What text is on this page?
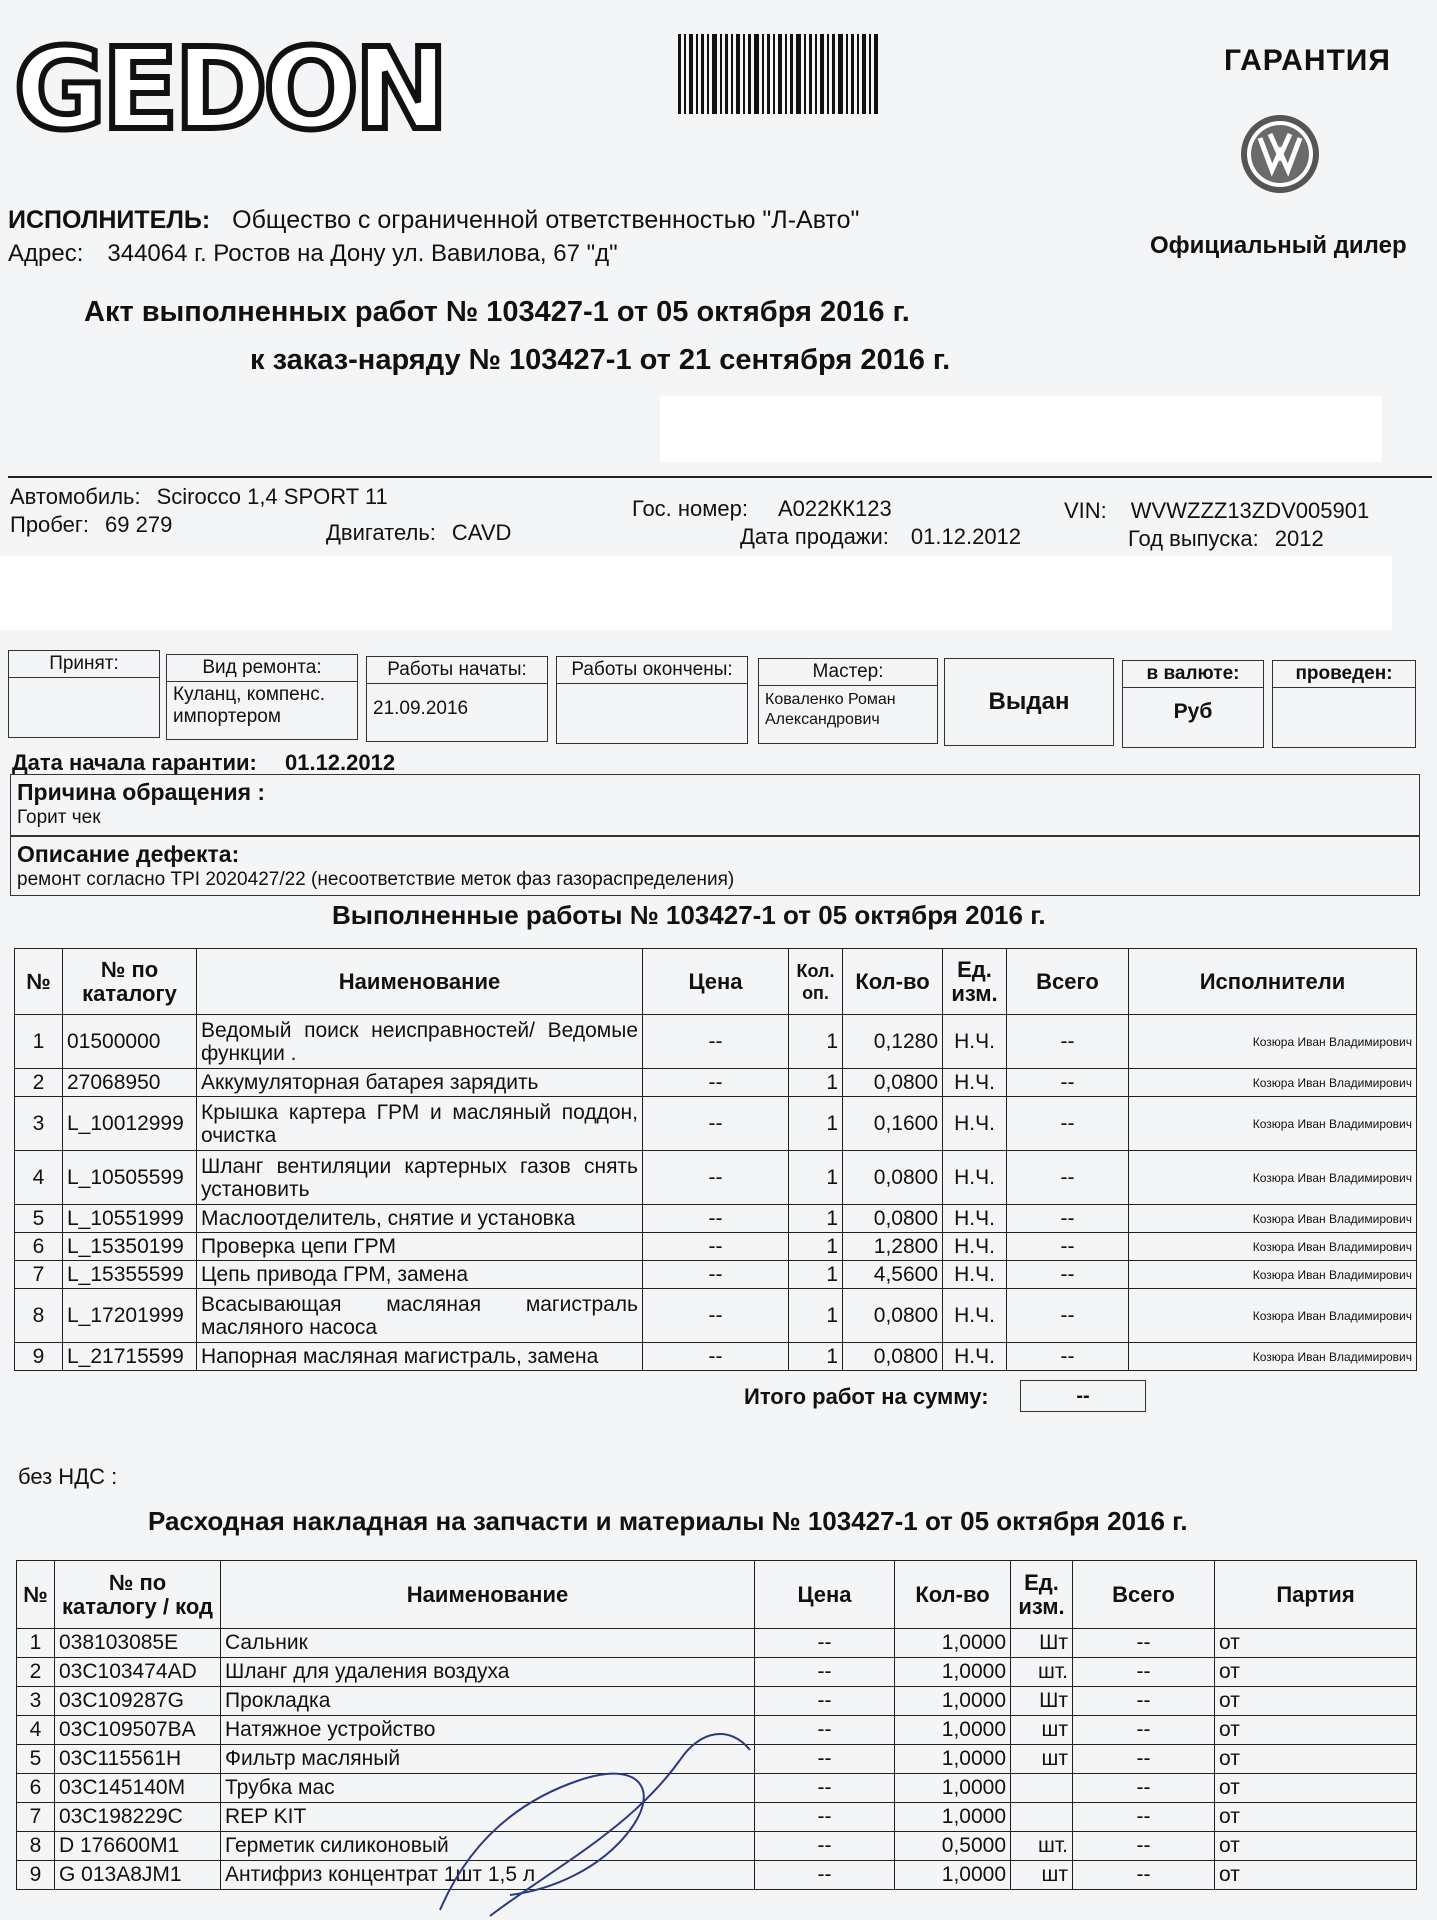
GEDON	ГАРАНТИЯ
Официальный дилер
ИСПОЛНИТЕЛЬ: Общество с ограниченной ответственностью "Л-Авто"
Адрес: 344064 г. Ростов на Дону ул. Вавилова, 67 "д"
Акт выполненных работ № 103427-1 от 05 октября 2016 г.
к заказ-наряду № 103427-1 от 21 сентября 2016 г.
Автомобиль: Scirocco 1,4 SPORT 11
Пробег: 69 279
Гос. номер: А022КК123
Двигатель: CAVD
VIN: WVWZZZ13ZDV005901
Дата продажи: 01.12.2012	Год выпуска: 2012
Принят:	Вид ремонта:
Куланц, компенс. импортером
Работы начаты:
21.09.2016
Работы окончены:	Мастер:
Коваленко Роман Александрович
Выдан
в валюте:
Руб
проведен:
Дата начала гарантии: 01.12.2012
Причина обращения :
Горит чек
Описание дефекта:
ремонт согласно TPI 2020427/22 (несоответствие меток фаз газораспределения)
Выполненные работы № 103427-1 от 05 октября 2016 г.
№	№ по каталогу	Наименование	Цена	Кол. оп.	Кол-во	Ед. изм.	Всего	Исполнители
1	01500000	Ведомый поиск неисправностей/ Ведомые функции .	--	1	0,1280	Н.Ч.	--	Козюра Иван Владимирович
2	27068950	Аккумуляторная батарея зарядить	--	1	0,0800	Н.Ч.	--	Козюра Иван Владимирович
3	L_10012999	Крышка картера ГРМ и масляный поддон, очистка	--	1	0,1600	Н.Ч.	--	Козюра Иван Владимирович
4	L_10505599	Шланг вентиляции картерных газов снять установить	--	1	0,0800	Н.Ч.	--	Козюра Иван Владимирович
5	L_10551999	Маслоотделитель, снятие и установка	--	1	0,0800	Н.Ч.	--	Козюра Иван Владимирович
6	L_15350199	Проверка цепи ГРМ	--	1	1,2800	Н.Ч.	--	Козюра Иван Владимирович
7	L_15355599	Цепь привода ГРМ, замена	--	1	4,5600	Н.Ч.	--	Козюра Иван Владимирович
8	L_17201999	Всасывающая масляная магистраль масляного насоса	--	1	0,0800	Н.Ч.	--	Козюра Иван Владимирович
9	L_21715599	Напорная масляная магистраль, замена	--	1	0,0800	Н.Ч.	--	Козюра Иван Владимирович
Итого работ на сумму:	--
без НДС :
Расходная накладная на запчасти и материалы № 103427-1 от 05 октября 2016 г.
№	№ по каталогу / код	Наименование	Цена	Кол-во	Ед. изм.	Всего	Партия
1	038103085E	Сальник	--	1,0000	Шт	--	от
2	03C103474AD	Шланг для удаления воздуха	--	1,0000	шт.	--	от
3	03C109287G	Прокладка	--	1,0000	Шт	--	от
4	03C109507BA	Натяжное устройство	--	1,0000	шт	--	от
5	03C115561H	Фильтр масляный	--	1,0000	шт	--	от
6	03C145140M	Трубка мас	--	1,0000		--	от
7	03C198229C	REP KIT	--	1,0000		--	от
8	D 176600M1	Герметик силиконовый	--	0,5000	шт.	--	от
9	G 013A8JM1	Антифриз концентрат 1шт 1,5 л	--	1,0000	шт	--	от
